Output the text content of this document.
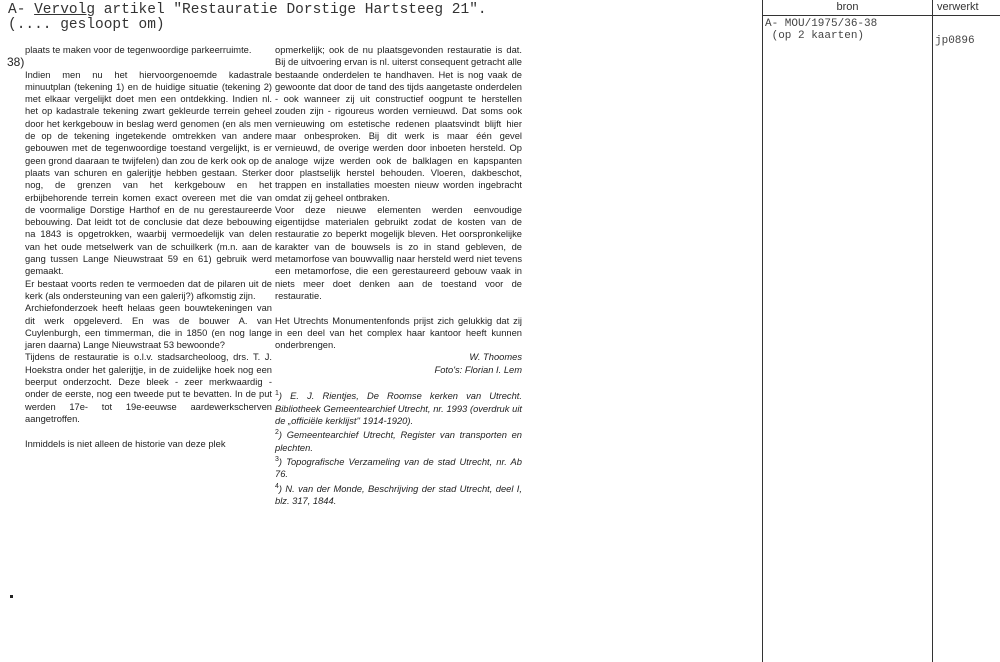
A- Vervolg artikel "Restauratie Dorstige Hartsteeg 21".
(.... gesloopt om)
38)

plaats te maken voor de tegenwoordige parkeerruimte.

Indien men nu het hiervoorgenoemde kadastrale minuutplan (tekening 1) en de huidige situatie (tekening 2) met elkaar vergelijkt doet men een ontdekking. Indien nl. het op kadastrale tekening zwart gekleurde terrein geheel door het kerkgebouw in beslag werd genomen (en als men de op de tekening ingetekende omtrekken van andere gebouwen met de tegenwoordige toestand vergelijkt, is er geen grond daaraan te twijfelen) dan zou de kerk ook op de plaats van schuren en galerijtje hebben gestaan. Sterker nog, de grenzen van het kerkgebouw en het erbijbehorende terrein komen exact overeen met die van de voormalige Dorstige Harthof en de nu gerestaureerde bebouwing. Dat leidt tot de conclusie dat deze bebouwing na 1843 is opgetrokken, waarbij vermoedelijk van delen van het oude metselwerk van de schuilkerk (m.n. aan de gang tussen Lange Nieuwstraat 59 en 61) gebruik werd gemaakt.

Er bestaat voorts reden te vermoeden dat de pilaren uit de kerk (als ondersteuning van een galerij?) afkomstig zijn.

Archiefonderzoek heeft helaas geen bouwtekeningen van dit werk opgeleverd. En was de bouwer A. van Cuylenburgh, een timmerman, die in 1850 (en nog lange jaren daarna) Lange Nieuwstraat 53 bewoonde?

Tijdens de restauratie is o.l.v. stadsarcheoloog, drs. T. J. Hoekstra onder het galerijtje, in de zuidelijke hoek nog een beerput onderzocht. Deze bleek - zeer merkwaardig - onder de eerste, nog een tweede put te bevatten. In de put werden 17e- tot 19e-eeuwse aardewerkscherven aangetroffen.

Inmiddels is niet alleen de historie van deze plek

opmerkelijk; ook de nu plaatsgevonden restauratie is dat. Bij de uitvoering ervan is nl. uiterst consequent getracht alle bestaande onderdelen te handhaven. Het is nog vaak de gewoonte dat door de tand des tijds aangetaste onderdelen - ook wanneer zij uit constructief oogpunt te herstellen zouden zijn - rigoureus worden vernieuwd. Dat soms ook vernieuwing om estetische redenen plaatsvindt blijft hier maar onbesproken. Bij dit werk is maar één gevel vernieuwd, de overige werden door inboeten hersteld. Op analoge wijze werden ook de balklagen en kapspanten door plastselijk herstel behouden. Vloeren, dakbeschot, trappen en installaties moesten nieuw worden ingebracht omdat zij geheel ontbraken.

Voor deze nieuwe elementen werden eenvoudige eigentijdse materialen gebruikt zodat de kosten van de restauratie zo beperkt mogelijk bleven. Het oorspronkelijke karakter van de bouwsels is zo in stand gebleven, de metamorfose van bouwvallig naar hersteld werd niet tevens een metamorfose, die een gerestaureerd gebouw vaak in niets meer doet denken aan de toestand voor de restauratie.

Het Utrechts Monumentenfonds prijst zich gelukkig dat zij in een deel van het complex haar kantoor heeft kunnen onderbrengen.

W. Thoomes

Foto's: Florian I. Lem

$^1$) E. J. Rientjes, De Roomse kerken van Utrecht. Bibliotheek Gemeentearchief Utrecht, nr. 1993 (overdruk uit de „officiële kerklijst'' 1914-1920).

$^2$) Gemeentearchief Utrecht, Register van transporten en plechten.

$^3$) Topografische Verzameling van de stad Utrecht, nr. Ab 76.

$^4$) N. van der Monde, Beschrijving der stad Utrecht, deel I, blz. 317, 1844.

bron	verwerkt
A- MOU/1975/36-38
(op 2 kaarten)	jp0896
